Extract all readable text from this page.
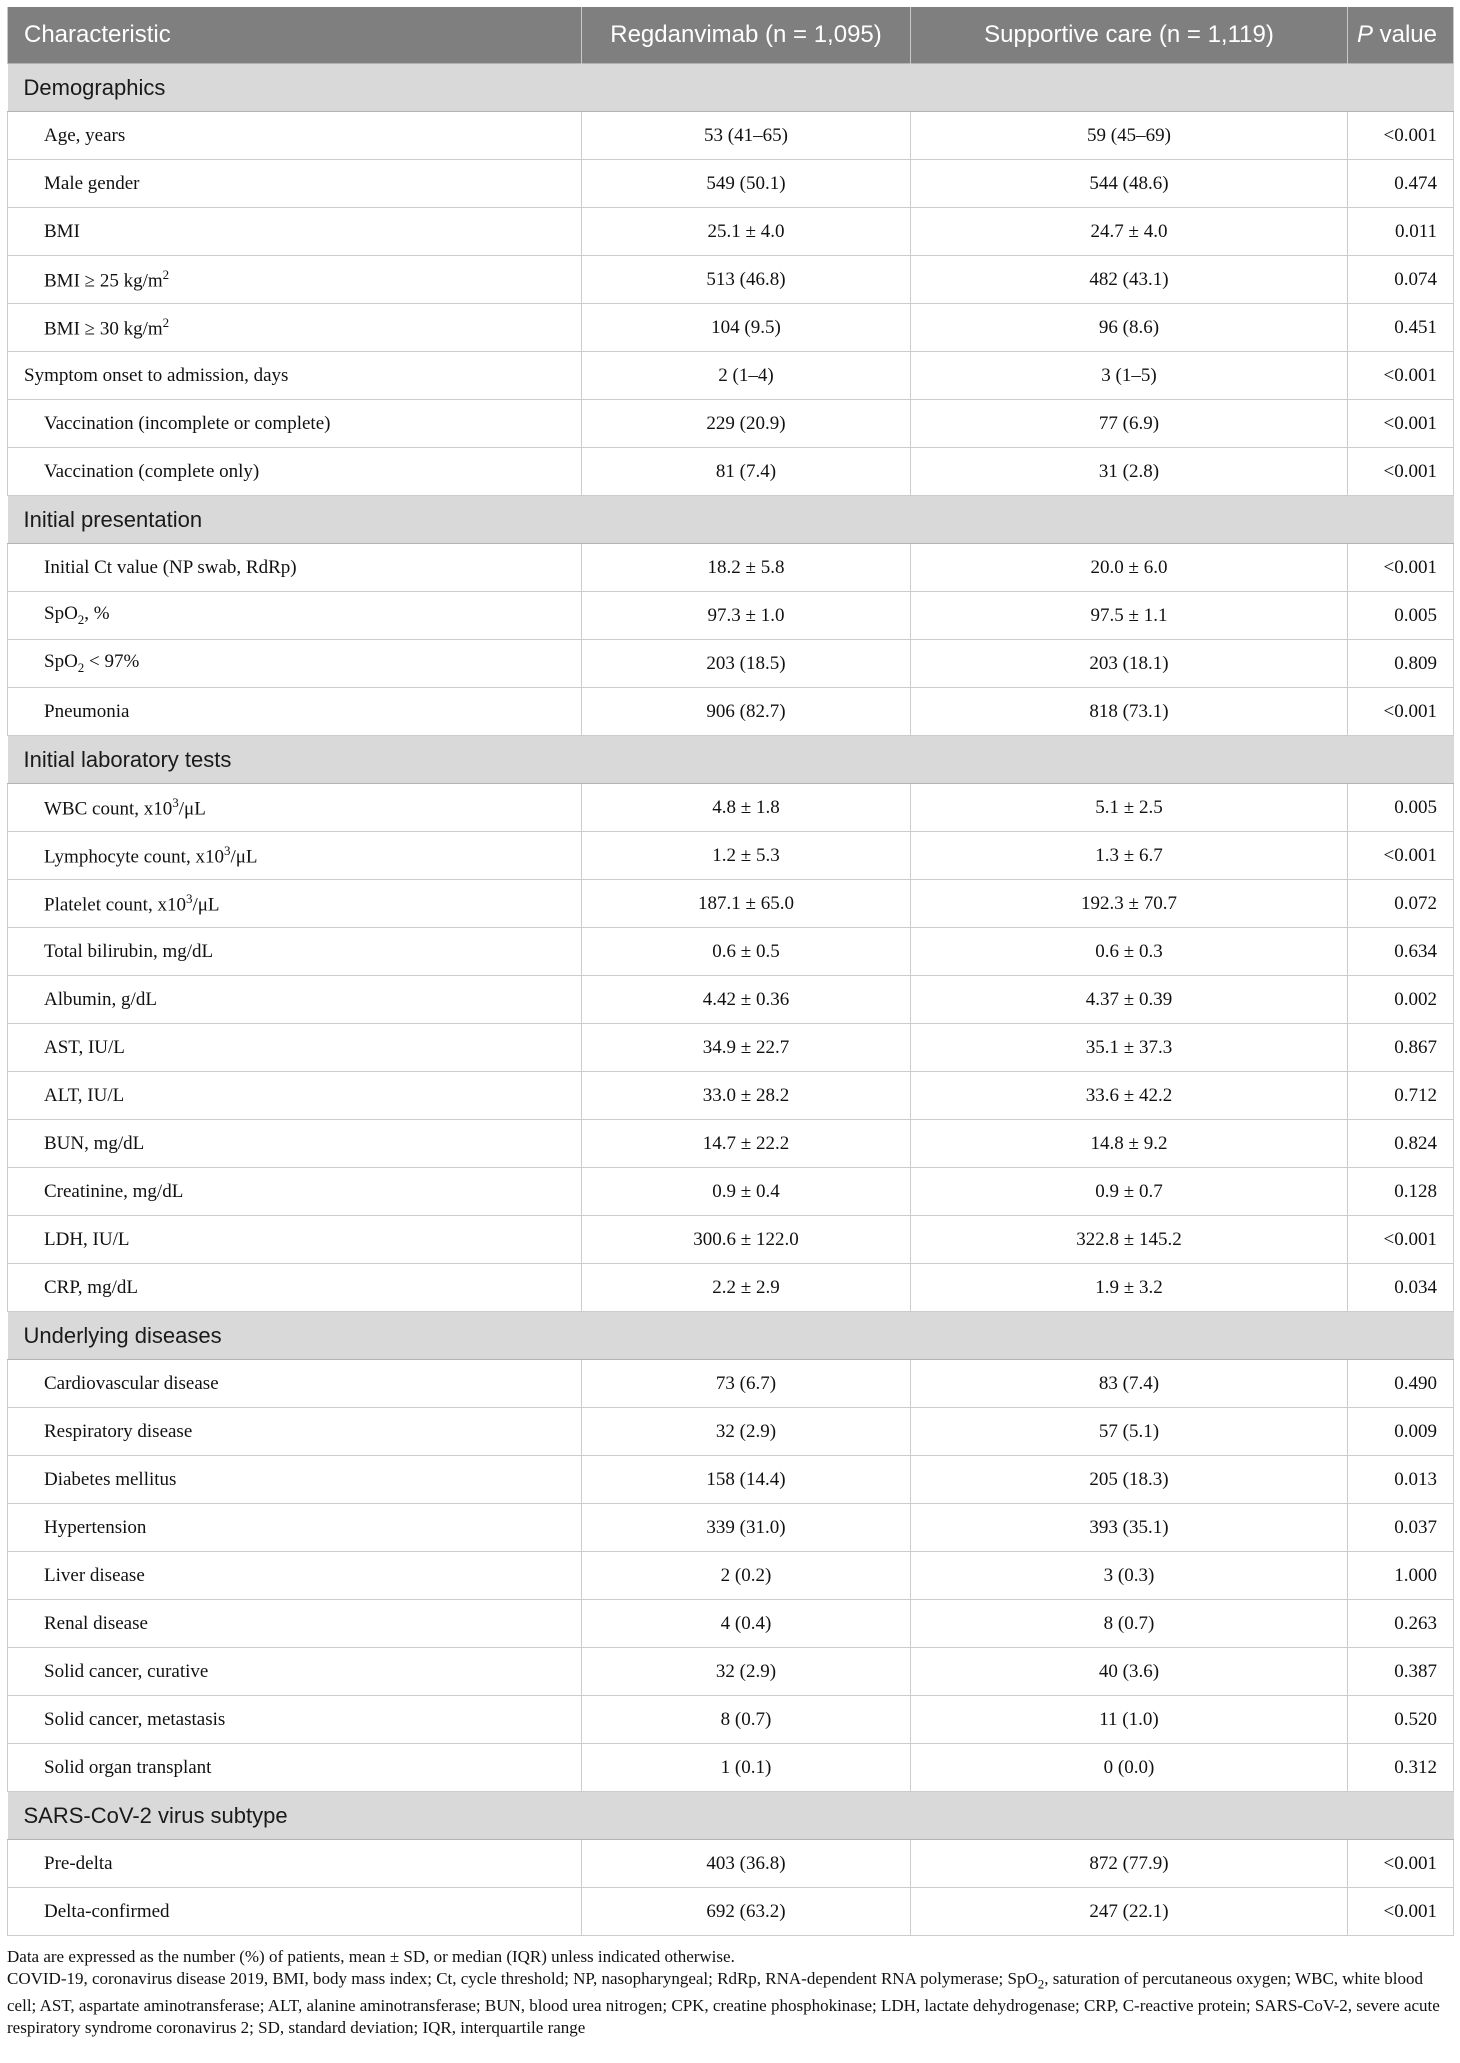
Characteristic	Regdanvimab (n = 1,095)	Supportive care (n = 1,119)	P value
Demographics			
Age, years	53 (41–65)	59 (45–69)	<0.001
Male gender	549 (50.1)	544 (48.6)	0.474
BMI	25.1 ± 4.0	24.7 ± 4.0	0.011
BMI ≥ 25 $kg/m^2$	513 (46.8)	482 (43.1)	0.074
BMI ≥ 30 $kg/m^2$	104 (9.5)	96 (8.6)	0.451
Symptom onset to admission, days	2 (1–4)	3 (1–5)	<0.001
Vaccination (incomplete or complete)	229 (20.9)	77 (6.9)	<0.001
Vaccination (complete only)	81 (7.4)	31 (2.8)	<0.001
Initial presentation			
Initial Ct value (NP swab, RdRp)	18.2 ± 5.8	20.0 ± 6.0	<0.001
SpO$_2$, %	97.3 ± 1.0	97.5 ± 1.1	0.005
SpO$_2$ < 97%	203 (18.5)	203 (18.1)	0.809
Pneumonia	906 (82.7)	818 (73.1)	<0.001
Initial laboratory tests			
WBC count, $x10^3/\mu L$	4.8 ± 1.8	5.1 ± 2.5	0.005
Lymphocyte count, $x10^3/\mu L$	1.2 ± 5.3	1.3 ± 6.7	<0.001
Platelet count, $x10^3/\mu L$	187.1 ± 65.0	192.3 ± 70.7	0.072
Total bilirubin, mg/dL	0.6 ± 0.5	0.6 ± 0.3	0.634
Albumin, g/dL	4.42 ± 0.36	4.37 ± 0.39	0.002
AST, IU/L	34.9 ± 22.7	35.1 ± 37.3	0.867
ALT, IU/L	33.0 ± 28.2	33.6 ± 42.2	0.712
BUN, mg/dL	14.7 ± 22.2	14.8 ± 9.2	0.824
Creatinine, mg/dL	0.9 ± 0.4	0.9 ± 0.7	0.128
LDH, IU/L	300.6 ± 122.0	322.8 ± 145.2	<0.001
CRP, mg/dL	2.2 ± 2.9	1.9 ± 3.2	0.034
Underlying diseases			
Cardiovascular disease	73 (6.7)	83 (7.4)	0.490
Respiratory disease	32 (2.9)	57 (5.1)	0.009
Diabetes mellitus	158 (14.4)	205 (18.3)	0.013
Hypertension	339 (31.0)	393 (35.1)	0.037
Liver disease	2 (0.2)	3 (0.3)	1.000
Renal disease	4 (0.4)	8 (0.7)	0.263
Solid cancer, curative	32 (2.9)	40 (3.6)	0.387
Solid cancer, metastasis	8 (0.7)	11 (1.0)	0.520
Solid organ transplant	1 (0.1)	0 (0.0)	0.312
SARS-CoV-2 virus subtype			
Pre-delta	403 (36.8)	872 (77.9)	<0.001
Delta-confirmed	692 (63.2)	247 (22.1)	<0.001

Data are expressed as the number (%) of patients, mean ± SD, or median (IQR) unless indicated otherwise.

COVID-19, coronavirus disease 2019, BMI, body mass index; Ct, cycle threshold; NP, nasopharyngeal; RdRp, RNA-dependent RNA polymerase; SpO$_2$, saturation of percutaneous oxygen; WBC, white blood cell; AST, aspartate aminotransferase; ALT, alanine aminotransferase; BUN, blood urea nitrogen; CPK, creatine phosphokinase; LDH, lactate dehydrogenase; CRP, C-reactive protein; SARS-CoV-2, severe acute respiratory syndrome coronavirus 2; SD, standard deviation; IQR, interquartile range
